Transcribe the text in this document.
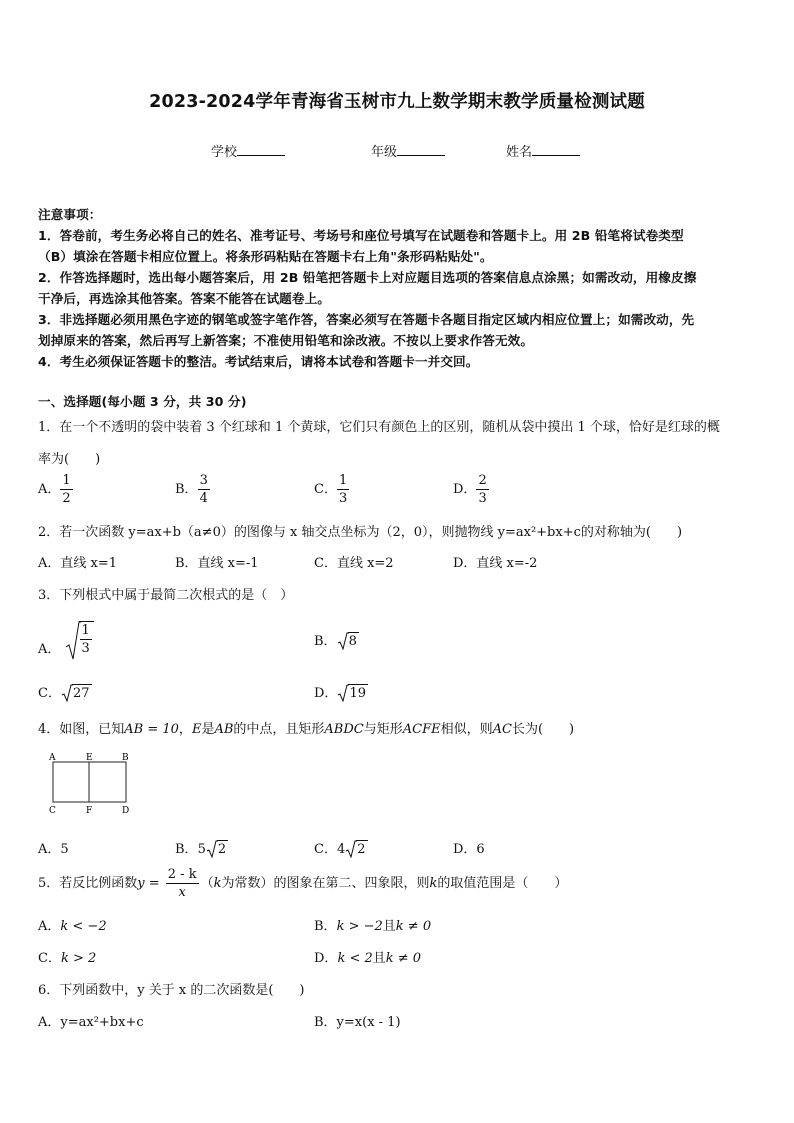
2023-2024学年青海省玉树市九上数学期末教学质量检测试题
学校	年级	姓名
注意事项：
1．答卷前，考生务必将自己的姓名、准考证号、考场号和座位号填写在试题卷和答题卡上。用 2B 铅笔将试卷类型
（B）填涂在答题卡相应位置上。将条形码粘贴在答题卡右上角"条形码粘贴处"。
2．作答选择题时，选出每小题答案后，用 2B 铅笔把答题卡上对应题目选项的答案信息点涂黑；如需改动，用橡皮擦
干净后，再选涂其他答案。答案不能答在试题卷上。
3．非选择题必须用黑色字迹的钢笔或签字笔作答，答案必须写在答题卡各题目指定区域内相应位置上；如需改动，先
划掉原来的答案，然后再写上新答案；不准使用铅笔和涂改液。不按以上要求作答无效。
4．考生必须保证答题卡的整洁。考试结束后，请将本试卷和答题卡一并交回。
一、选择题(每小题 3 分，共 30 分)
1．在一个不透明的袋中装着 3 个红球和 1 个黄球，它们只有颜色上的区别，随机从袋中摸出 1 个球，恰好是红球的概
率为(　　)
A． $\frac{1}{2}$	B． $\frac{3}{4}$	C． $\frac{1}{3}$	D． $\frac{2}{3}$
2．若一次函数 y=ax+b（a≠0）的图像与 x 轴交点坐标为（2，0），则抛物线 y=ax²+bx+c的对称轴为(　　)
A．直线 x=1	B．直线 x=-1	C．直线 x=2	D．直线 x=-2
3．下列根式中属于最简二次根式的是（　）
A． $\frac{1}{3}$	B． 8
C． 27	D． 19
4．如图，已知AB = 10，E是AB的中点，且矩形ABDC与矩形ACFE相似，则AC长为(　　)
A	E	B
C	F	D
A．5	B．5 2	C．4 2	D．6
5．若反比例函数$y = \frac{2 - k}{x} (k$为常数）的图象在第二、四象限，则k的取值范围是（　　）
A．k < −2	B．k > −2且k ≠ 0
C．k > 2	D．k < 2且k ≠ 0
6．下列函数中，y 关于 x 的二次函数是(　　)
A．y=ax²+bx+c	B．y=x(x - 1)
